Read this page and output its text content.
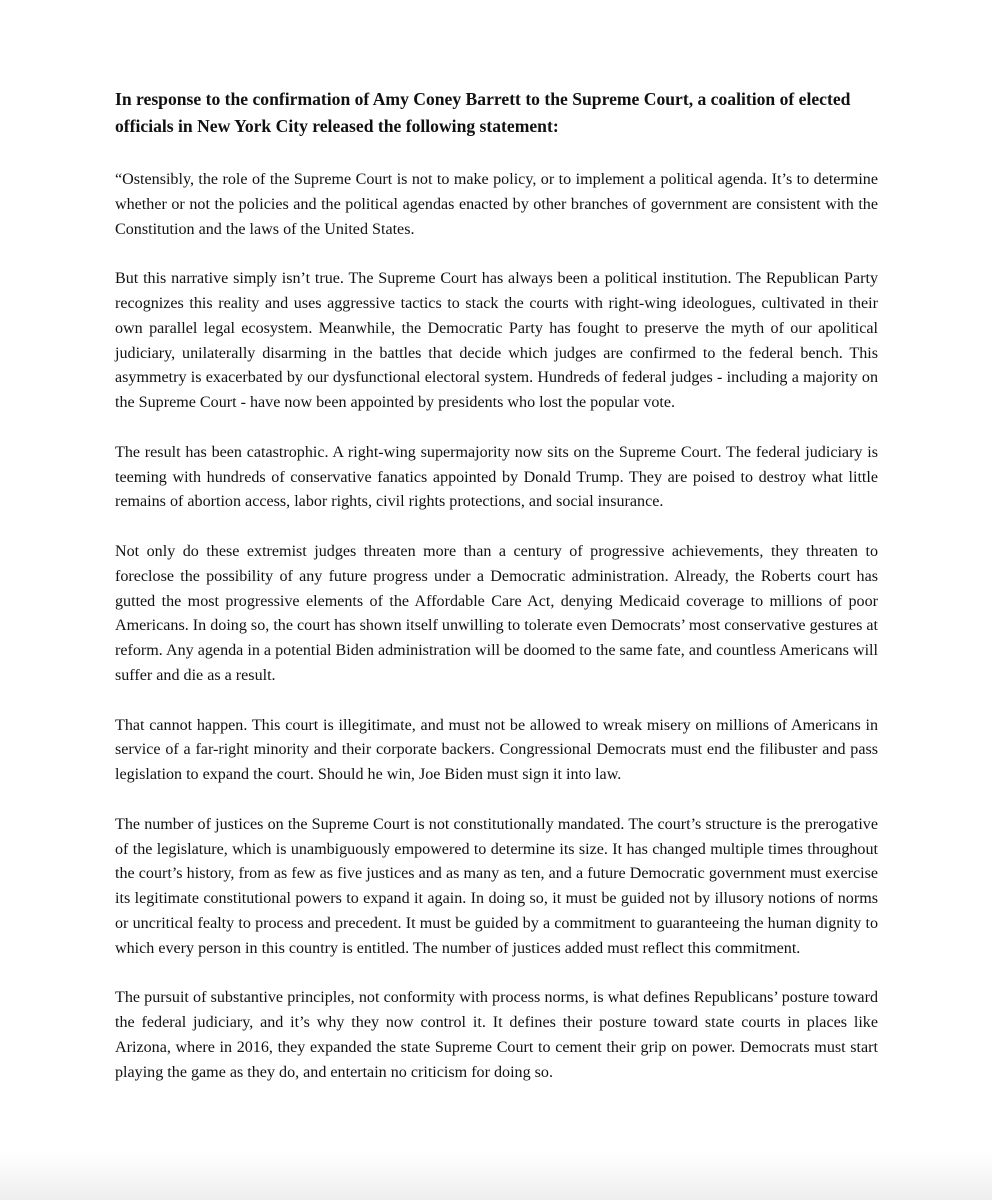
In response to the confirmation of Amy Coney Barrett to the Supreme Court, a coalition of elected officials in New York City released the following statement:

“Ostensibly, the role of the Supreme Court is not to make policy, or to implement a political agenda. It’s to determine whether or not the policies and the political agendas enacted by other branches of government are consistent with the Constitution and the laws of the United States.

But this narrative simply isn’t true. The Supreme Court has always been a political institution. The Republican Party recognizes this reality and uses aggressive tactics to stack the courts with right-wing ideologues, cultivated in their own parallel legal ecosystem. Meanwhile, the Democratic Party has fought to preserve the myth of our apolitical judiciary, unilaterally disarming in the battles that decide which judges are confirmed to the federal bench. This asymmetry is exacerbated by our dysfunctional electoral system. Hundreds of federal judges - including a majority on the Supreme Court - have now been appointed by presidents who lost the popular vote.

The result has been catastrophic. A right-wing supermajority now sits on the Supreme Court. The federal judiciary is teeming with hundreds of conservative fanatics appointed by Donald Trump. They are poised to destroy what little remains of abortion access, labor rights, civil rights protections, and social insurance.

Not only do these extremist judges threaten more than a century of progressive achievements, they threaten to foreclose the possibility of any future progress under a Democratic administration. Already, the Roberts court has gutted the most progressive elements of the Affordable Care Act, denying Medicaid coverage to millions of poor Americans. In doing so, the court has shown itself unwilling to tolerate even Democrats’ most conservative gestures at reform. Any agenda in a potential Biden administration will be doomed to the same fate, and countless Americans will suffer and die as a result.

That cannot happen. This court is illegitimate, and must not be allowed to wreak misery on millions of Americans in service of a far-right minority and their corporate backers. Congressional Democrats must end the filibuster and pass legislation to expand the court. Should he win, Joe Biden must sign it into law.

The number of justices on the Supreme Court is not constitutionally mandated. The court’s structure is the prerogative of the legislature, which is unambiguously empowered to determine its size. It has changed multiple times throughout the court’s history, from as few as five justices and as many as ten, and a future Democratic government must exercise its legitimate constitutional powers to expand it again. In doing so, it must be guided not by illusory notions of norms or uncritical fealty to process and precedent. It must be guided by a commitment to guaranteeing the human dignity to which every person in this country is entitled. The number of justices added must reflect this commitment.

The pursuit of substantive principles, not conformity with process norms, is what defines Republicans’ posture toward the federal judiciary, and it’s why they now control it. It defines their posture toward state courts in places like Arizona, where in 2016, they expanded the state Supreme Court to cement their grip on power. Democrats must start playing the game as they do, and entertain no criticism for doing so.
